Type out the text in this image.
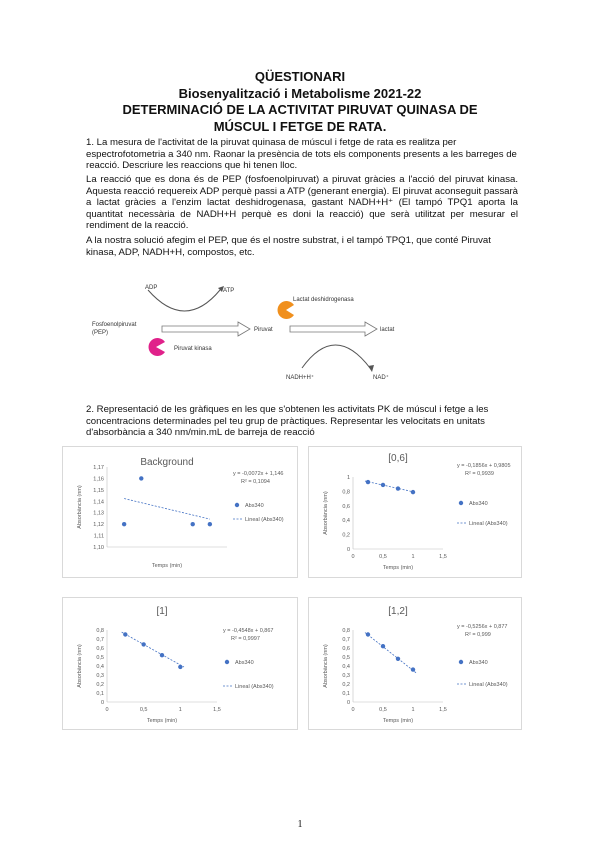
QÜESTIONARI
Biosenyalització i Metabolisme 2021-22
DETERMINACIÓ DE LA ACTIVITAT PIRUVAT QUINASA DE
MÚSCUL I FETGE DE RATA.
1. La mesura de l'activitat de la piruvat quinasa de múscul i fetge de rata es realitza per espectrofotometria a 340 nm. Raonar la presència de tots els components presents a les barreges de reacció. Descriure les reaccions que hi tenen lloc.
La reacció que es dona és de PEP (fosfoenolpiruvat) a piruvat gràcies a l'acció del piruvat kinasa. Aquesta reacció requereix ADP perquè passi a ATP (generant energia). El piruvat aconseguit passarà a lactat gràcies a l'enzim lactat deshidrogenasa, gastant NADH+H⁺ (El tampó TPQ1 aporta la quantitat necessària de NADH+H perquè es doni la reacció) que serà utilitzat per mesurar el rendiment de la reacció.
A la nostra solució afegim el PEP, que és el nostre substrat, i el tampó TPQ1, que conté Piruvat kinasa, ADP, NADH+H, compostos, etc.
ADP	ATP
Fosfoenolpiruvat
(PEP)
Piruvat kinasa
Piruvat
Lactat deshidrogenasa
lactat
NADH+H⁺	NAD⁺
2. Representació de les gràfiques en les que s'obtenen les activitats PK de múscul i fetge a les concentracions determinades pel teu grup de pràctiques. Representar les velocitats en unitats d'absorbància a 340 nm/min.mL de barreja de reacció
Background
1,17
1,16
1,15
1,14
1,13
1,12
1,11
1,10
Temps (min)
Absorbància (nm)
y = -0,0072x + 1,146
R² = 0,1094
Abs340
Lineal (Abs340)
[0,6]
1
0,8
0,6
0,4
0,2
0
0	0,5	1	1,5
Temps (min)
Absorbància (nm)
y = -0,1856x + 0,9805
R² = 0,9939
Abs340
Lineal (Abs340)
[1]
0,8
0,7
0,6
0,5
0,4
0,3
0,2
0,1
0
0	0,5	1	1,5
Temps (min)
Absorbància (nm)
y = -0,4548x + 0,867
R² = 0,9997
Abs340
Lineal (Abs340)
[1,2]
0,8
0,7
0,6
0,5
0,4
0,3
0,2
0,1
0
0	0,5	1	1,5
Temps (min)
Absorbància (nm)
y = -0,5256x + 0,877
R² = 0,999
Abs340
Lineal (Abs340)
1
